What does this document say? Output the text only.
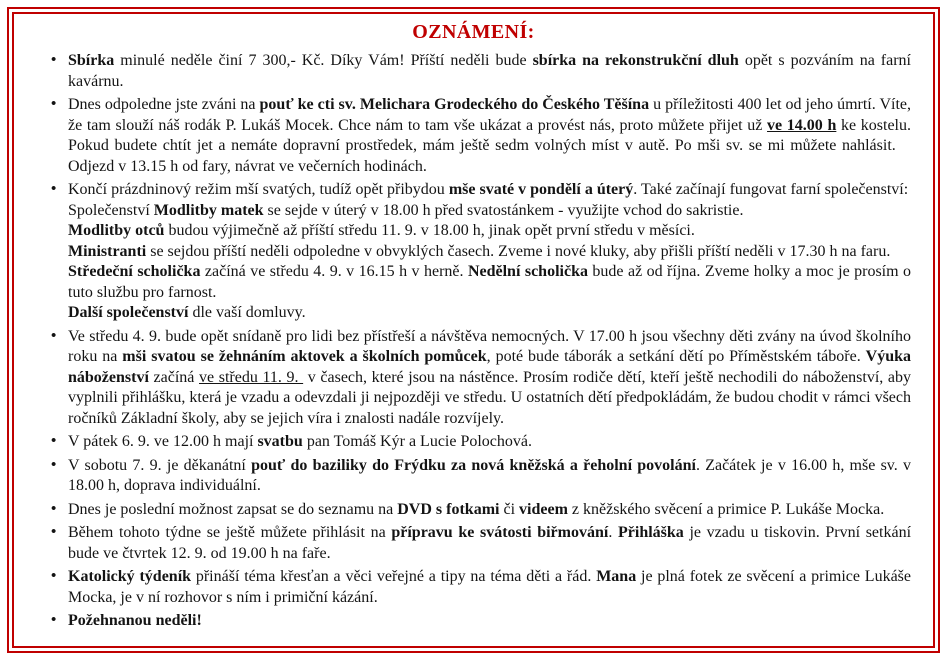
OZNÁMENÍ:
• Sbírka minulé neděle činí 7 300,- Kč. Díky Vám! Příští neděli bude sbírka na rekonstrukční dluh opět s pozváním na farní kavárnu.
• Dnes odpoledne jste zváni na pouť ke cti sv. Melichara Grodeckého do Českého Těšína u příležitosti 400 let od jeho úmrtí. Víte, že tam slouží náš rodák P. Lukáš Mocek. Chce nám to tam vše ukázat a provést nás, proto můžete přijet už ve 14.00 h ke kostelu. Pokud budete chtít jet a nemáte dopravní prostředek, mám ještě sedm volných míst v autě. Po mši sv. se mi můžete nahlásit.    Odjezd v 13.15 h od fary, návrat ve večerních hodinách.
• Končí prázdninový režim mší svatých, tudíž opět přibydou mše svaté v pondělí a úterý. Také začínají fungovat farní společenství:
Společenství Modlitby matek se sejde v úterý v 18.00 h před svatostánkem - využijte vchod do sakristie.
Modlitby otců budou výjimečně až příští středu 11. 9. v 18.00 h, jinak opět první středu v měsíci.
Ministranti se sejdou příští neděli odpoledne v obvyklých časech. Zveme i nové kluky, aby přišli příští neděli v 17.30 h na faru.
Středeční scholička začíná ve středu 4. 9. v 16.15 h v herně. Nedělní scholička bude až od října. Zveme holky a moc je prosím o tuto službu pro farnost.
Další společenství dle vaší domluvy.
• Ve středu 4. 9. bude opět snídaně pro lidi bez přístřeší a návštěva nemocných. V 17.00 h jsou všechny děti zvány na úvod školního roku na mši svatou se žehnáním aktovek a školních pomůcek, poté bude táborák a setkání dětí po Příměstském táboře. Výuka náboženství začíná ve středu 11. 9.  v časech, které jsou na nástěnce. Prosím rodiče dětí, kteří ještě nechodili do náboženství, aby vyplnili přihlášku, která je vzadu a odevzdali ji nejpozději ve středu. U ostatních dětí předpokládám, že budou chodit v rámci všech ročníků Základní školy, aby se jejich víra i znalosti nadále rozvíjely.
• V pátek 6. 9. ve 12.00 h mají svatbu pan Tomáš Kýr a Lucie Polochová.
• V sobotu 7. 9. je děkanátní pouť do baziliky do Frýdku za nová kněžská a řeholní povolání. Začátek je v 16.00 h, mše sv. v 18.00 h, doprava individuální.
• Dnes je poslední možnost zapsat se do seznamu na DVD s fotkami či videem z kněžského svěcení a primice P. Lukáše Mocka.
• Během tohoto týdne se ještě můžete přihlásit na přípravu ke svátosti biřmování. Přihláška je vzadu u tiskovin. První setkání bude ve čtvrtek 12. 9. od 19.00 h na faře.
• Katolický týdeník přináší téma křesťan a věci veřejné a tipy na téma děti a řád. Mana je plná fotek ze svěcení a primice Lukáše Mocka, je v ní rozhovor s ním i primiční kázání.
• Požehnanou neděli!
